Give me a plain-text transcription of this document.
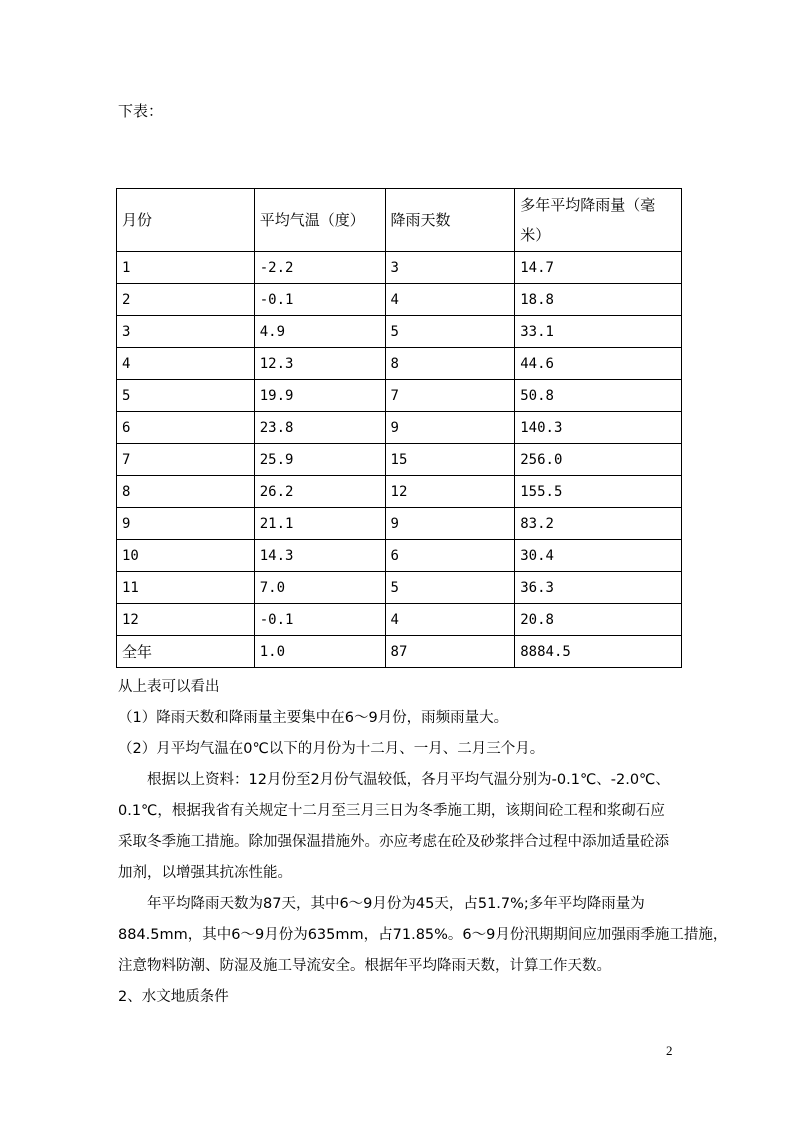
下表：
月份	平均气温（度）	降雨天数	多年平均降雨量（毫
米）
1	-2.2	3	14.7
2	-0.1	4	18.8
3	4.9	5	33.1
4	12.3	8	44.6
5	19.9	7	50.8
6	23.8	9	140.3
7	25.9	15	256.0
8	26.2	12	155.5
9	21.1	9	83.2
10	14.3	6	30.4
11	7.0	5	36.3
12	-0.1	4	20.8
全年	1.0	87	8884.5
从上表可以看出
（1）降雨天数和降雨量主要集中在6～9月份，雨频雨量大。
（2）月平均气温在0℃以下的月份为十二月、一月、二月三个月。
　　根据以上资料：12月份至2月份气温较低，各月平均气温分别为-0.1℃、-2.0℃、
0.1℃，根据我省有关规定十二月至三月三日为冬季施工期，该期间砼工程和浆砌石应
采取冬季施工措施。除加强保温措施外。亦应考虑在砼及砂浆拌合过程中添加适量砼添
加剂，以增强其抗冻性能。
　　年平均降雨天数为87天，其中6～9月份为45天，占51.7%;多年平均降雨量为
884.5mm，其中6～9月份为635mm，占71.85%。6～9月份汛期期间应加强雨季施工措施，
注意物料防潮、防湿及施工导流安全。根据年平均降雨天数，计算工作天数。
2、水文地质条件
2
